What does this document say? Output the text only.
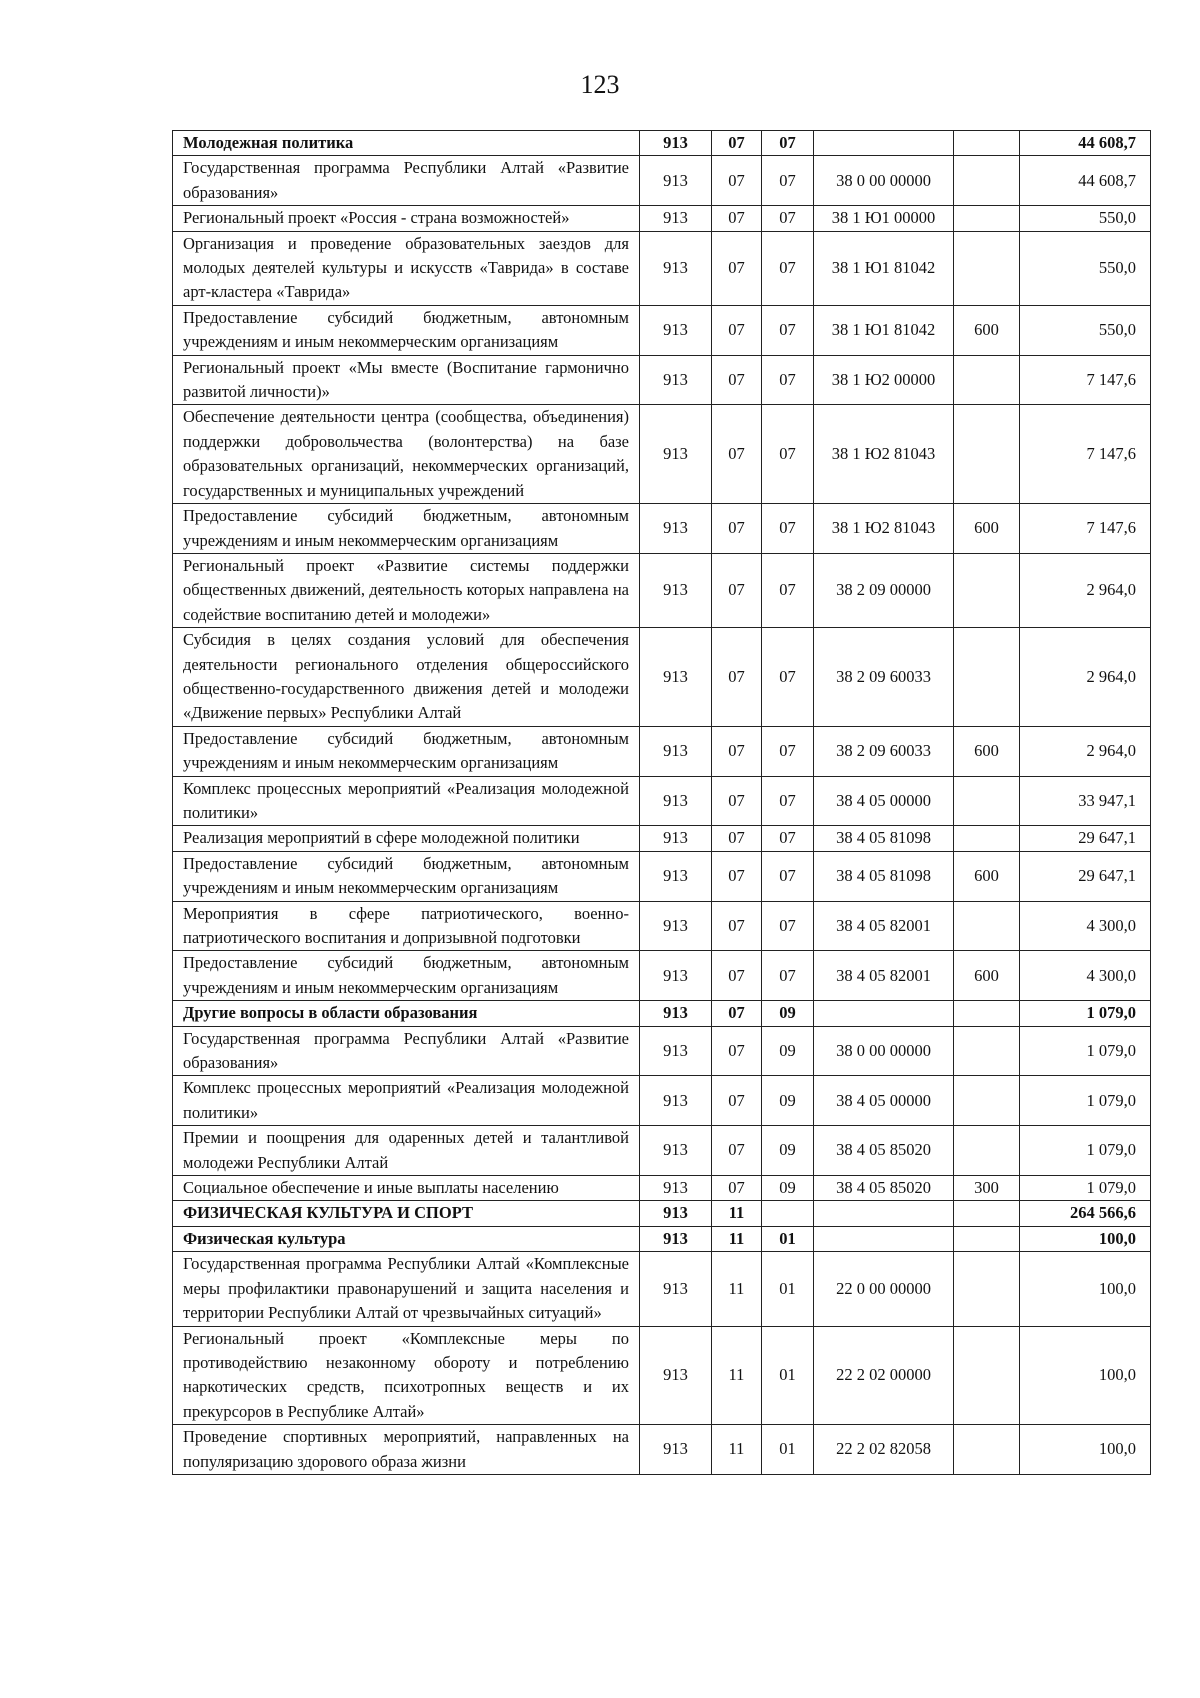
123
Молодежная политика	913	07	07			44 608,7
Государственная программа Республики Алтай «Развитие образования»	913	07	07	38 0 00 00000		44 608,7
Региональный проект «Россия - страна возможностей»	913	07	07	38 1 Ю1 00000		550,0
Организация и проведение образовательных заездов для молодых деятелей культуры и искусств «Таврида» в составе арт-кластера «Таврида»	913	07	07	38 1 Ю1 81042		550,0
Предоставление субсидий бюджетным, автономным учреждениям и иным некоммерческим организациям	913	07	07	38 1 Ю1 81042	600	550,0
Региональный проект «Мы вместе (Воспитание гармонично развитой личности)»	913	07	07	38 1 Ю2 00000		7 147,6
Обеспечение деятельности центра (сообщества, объединения) поддержки добровольчества (волонтерства) на базе образовательных организаций, некоммерческих организаций, государственных и муниципальных учреждений	913	07	07	38 1 Ю2 81043		7 147,6
Предоставление субсидий бюджетным, автономным учреждениям и иным некоммерческим организациям	913	07	07	38 1 Ю2 81043	600	7 147,6
Региональный проект «Развитие системы поддержки общественных движений, деятельность которых направлена на содействие воспитанию детей и молодежи»	913	07	07	38 2 09 00000		2 964,0
Субсидия в целях создания условий для обеспечения деятельности регионального отделения общероссийского общественно-государственного движения детей и молодежи «Движение первых» Республики Алтай	913	07	07	38 2 09 60033		2 964,0
Предоставление субсидий бюджетным, автономным учреждениям и иным некоммерческим организациям	913	07	07	38 2 09 60033	600	2 964,0
Комплекс процессных мероприятий «Реализация молодежной политики»	913	07	07	38 4 05 00000		33 947,1
Реализация мероприятий в сфере молодежной политики	913	07	07	38 4 05 81098		29 647,1
Предоставление субсидий бюджетным, автономным учреждениям и иным некоммерческим организациям	913	07	07	38 4 05 81098	600	29 647,1
Мероприятия в сфере патриотического, военно-патриотического воспитания и допризывной подготовки	913	07	07	38 4 05 82001		4 300,0
Предоставление субсидий бюджетным, автономным учреждениям и иным некоммерческим организациям	913	07	07	38 4 05 82001	600	4 300,0
Другие вопросы в области образования	913	07	09			1 079,0
Государственная программа Республики Алтай «Развитие образования»	913	07	09	38 0 00 00000		1 079,0
Комплекс процессных мероприятий «Реализация молодежной политики»	913	07	09	38 4 05 00000		1 079,0
Премии и поощрения для одаренных детей и талантливой молодежи Республики Алтай	913	07	09	38 4 05 85020		1 079,0
Социальное обеспечение и иные выплаты населению	913	07	09	38 4 05 85020	300	1 079,0
ФИЗИЧЕСКАЯ КУЛЬТУРА И СПОРТ	913	11				264 566,6
Физическая культура	913	11	01			100,0
Государственная программа Республики Алтай «Комплексные меры профилактики правонарушений и защита населения и территории Республики Алтай от чрезвычайных ситуаций»	913	11	01	22 0 00 00000		100,0
Региональный проект «Комплексные меры по противодействию незаконному обороту и потреблению наркотических средств, психотропных веществ и их прекурсоров в Республике Алтай»	913	11	01	22 2 02 00000		100,0
Проведение спортивных мероприятий, направленных на популяризацию здорового образа жизни	913	11	01	22 2 02 82058		100,0
